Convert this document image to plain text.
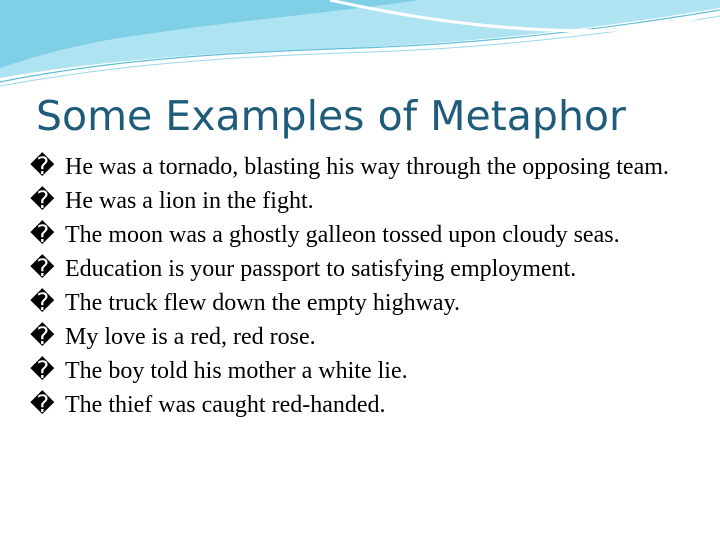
Some Examples of Metaphor
� He was a tornado, blasting his way through the opposing team.
� He was a lion in the fight.
� The moon was a ghostly galleon tossed upon cloudy seas.
� Education is your passport to satisfying employment.
� The truck flew down the empty highway.
� My love is a red, red rose.
� The boy told his mother a white lie.
� The thief was caught red-handed.
